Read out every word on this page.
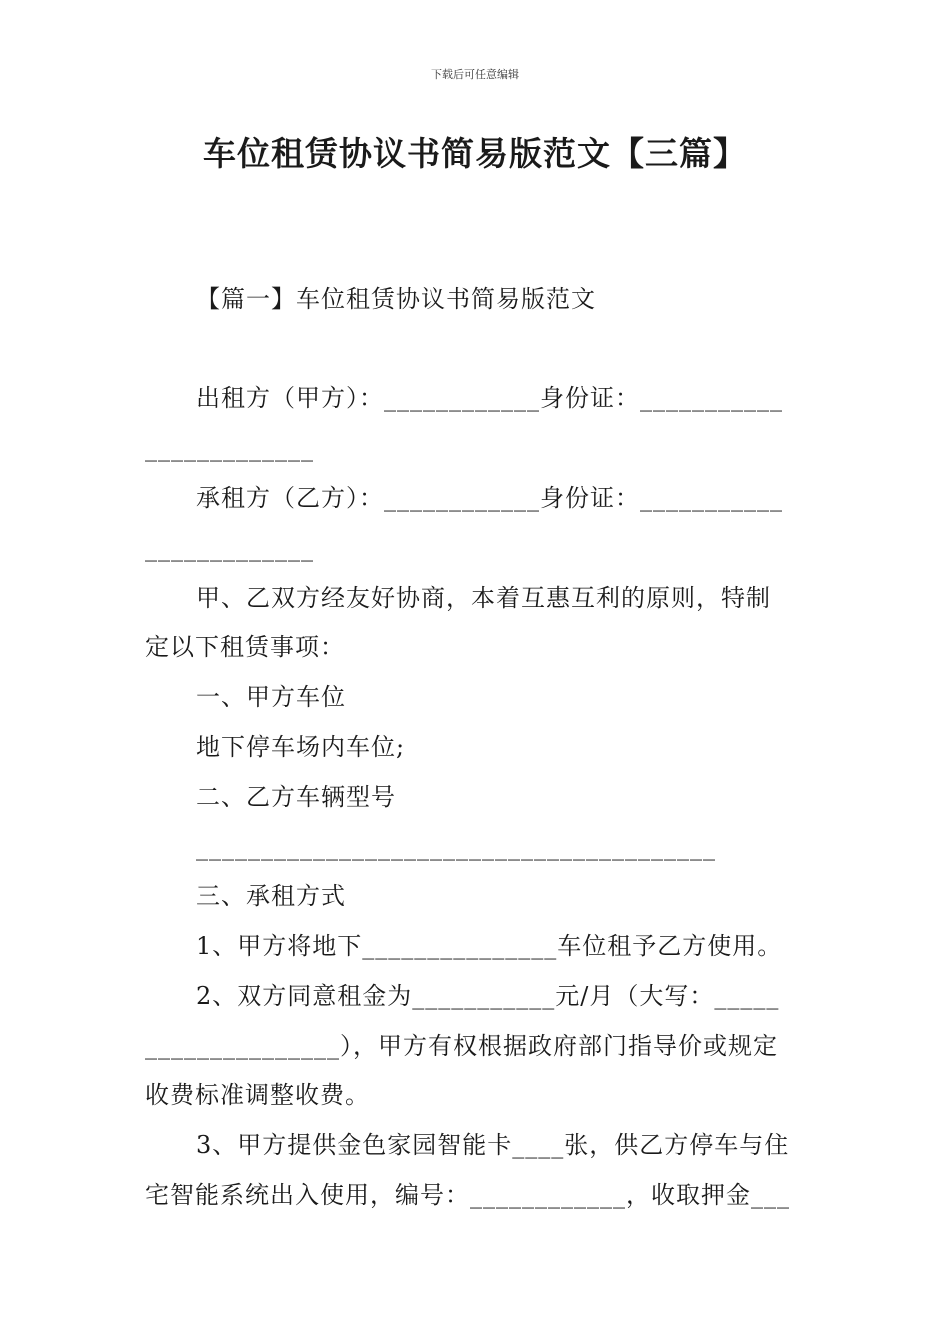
下载后可任意编辑
车位租赁协议书简易版范文【三篇】
【篇一】车位租赁协议书简易版范文
出租方（甲方）：____________身份证：___________
_____________
承租方（乙方）：____________身份证：___________
_____________
甲、乙双方经友好协商，本着互惠互利的原则，特制
定以下租赁事项：
一、甲方车位
地下停车场内车位;
二、乙方车辆型号
________________________________________
三、承租方式
1、甲方将地下_______________车位租予乙方使用。
2、双方同意租金为___________元/月（大写：_____
_______________），甲方有权根据政府部门指导价或规定
收费标准调整收费。
3、甲方提供金色家园智能卡____张，供乙方停车与住
宅智能系统出入使用，编号：____________，收取押金___
